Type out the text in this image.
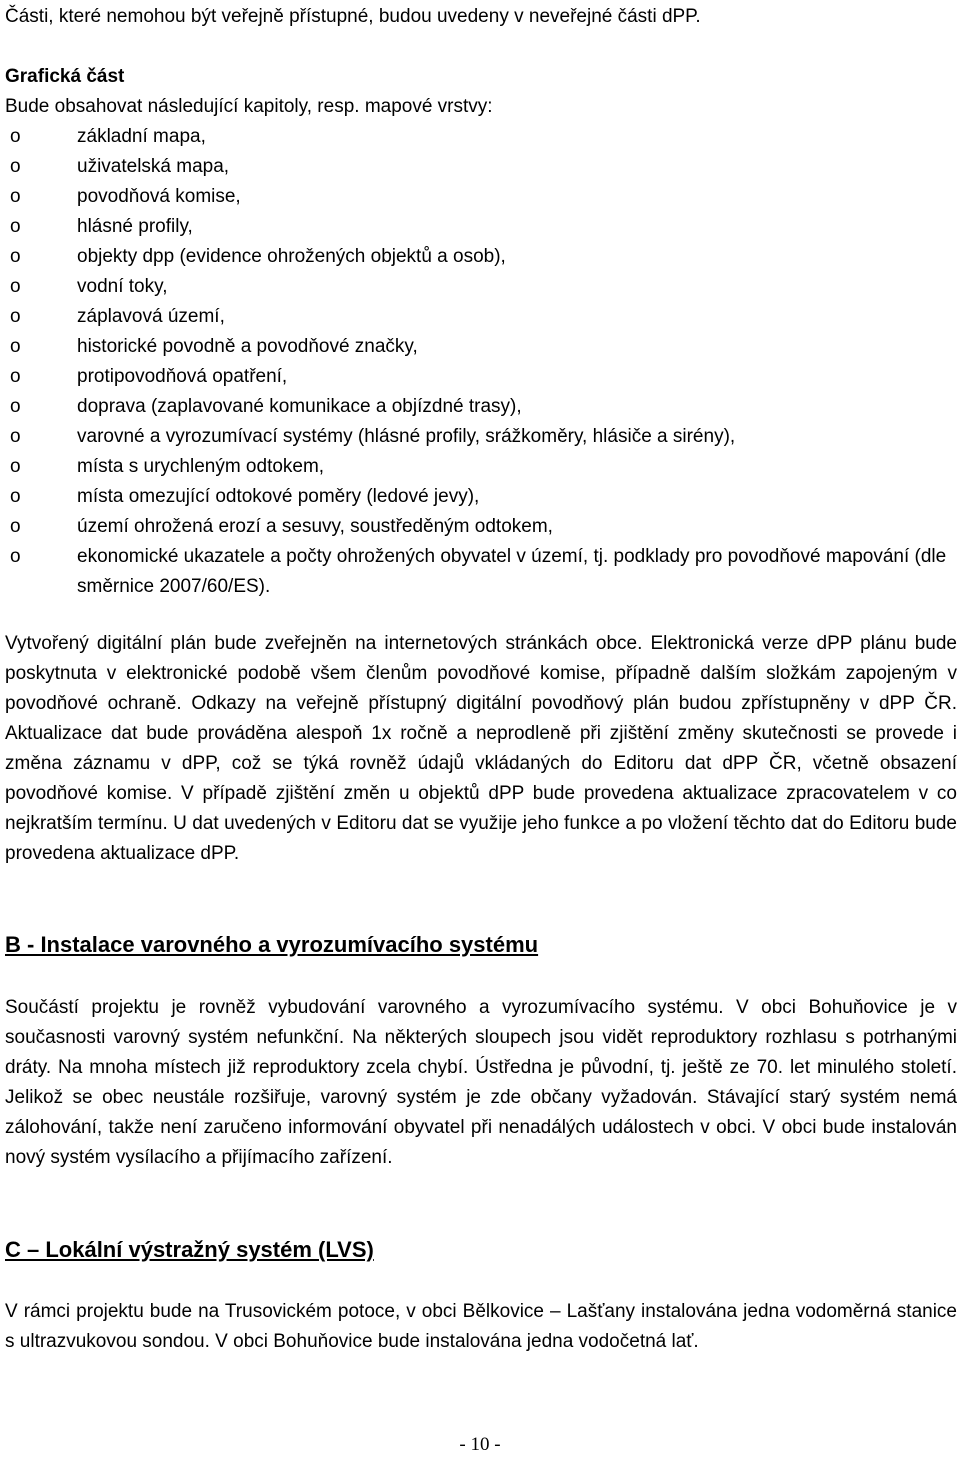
Části, které nemohou být veřejně přístupné, budou uvedeny v neveřejné části dPP.
Grafická část
Bude obsahovat následující kapitoly, resp. mapové vrstvy:
o	základní mapa,
o	uživatelská mapa,
o	povodňová komise,
o	hlásné profily,
o	objekty dpp (evidence ohrožených objektů a osob),
o	vodní toky,
o	záplavová území,
o	historické povodně a povodňové značky,
o	protipovodňová opatření,
o	doprava (zaplavované komunikace a objízdné trasy),
o	varovné a vyrozumívací systémy (hlásné profily, srážkoměry, hlásiče a sirény),
o	místa s urychleným odtokem,
o	místa omezující odtokové poměry (ledové jevy),
o	území ohrožená erozí a sesuvy, soustředěným odtokem,
o	ekonomické ukazatele a počty ohrožených obyvatel v území, tj. podklady pro povodňové mapování (dle směrnice 2007/60/ES).
Vytvořený digitální plán bude zveřejněn na internetových stránkách obce. Elektronická verze dPP plánu bude poskytnuta v elektronické podobě všem členům povodňové komise, případně dalším složkám zapojeným v povodňové ochraně. Odkazy na veřejně přístupný digitální povodňový plán budou zpřístupněny v dPP ČR. Aktualizace dat bude prováděna alespoň 1x ročně a neprodleně při zjištění změny skutečnosti se provede i změna záznamu v dPP, což se týká rovněž údajů vkládaných do Editoru dat dPP ČR, včetně obsazení povodňové komise. V případě zjištění změn u objektů dPP bude provedena aktualizace zpracovatelem v co nejkratším termínu. U dat uvedených v Editoru dat se využije jeho funkce a po vložení těchto dat do Editoru bude provedena aktualizace dPP.
B - Instalace varovného a vyrozumívacího systému
Součástí projektu je rovněž vybudování varovného a vyrozumívacího systému. V obci Bohuňovice je v současnosti varovný systém nefunkční. Na některých sloupech jsou vidět reproduktory rozhlasu s potrhanými dráty. Na mnoha místech již reproduktory zcela chybí. Ústředna je původní, tj. ještě ze 70. let minulého století. Jelikož se obec neustále rozšiřuje, varovný systém je zde občany vyžadován. Stávající starý systém nemá zálohování, takže není zaručeno informování obyvatel při nenadálých událostech v obci. V obci bude instalován nový systém vysílacího a přijímacího zařízení.
C – Lokální výstražný systém (LVS)
V rámci projektu bude na Trusovickém potoce, v obci Bělkovice – Lašťany instalována jedna vodoměrná stanice s ultrazvukovou sondou. V obci Bohuňovice bude instalována jedna vodočetná lať.
- 10 -
